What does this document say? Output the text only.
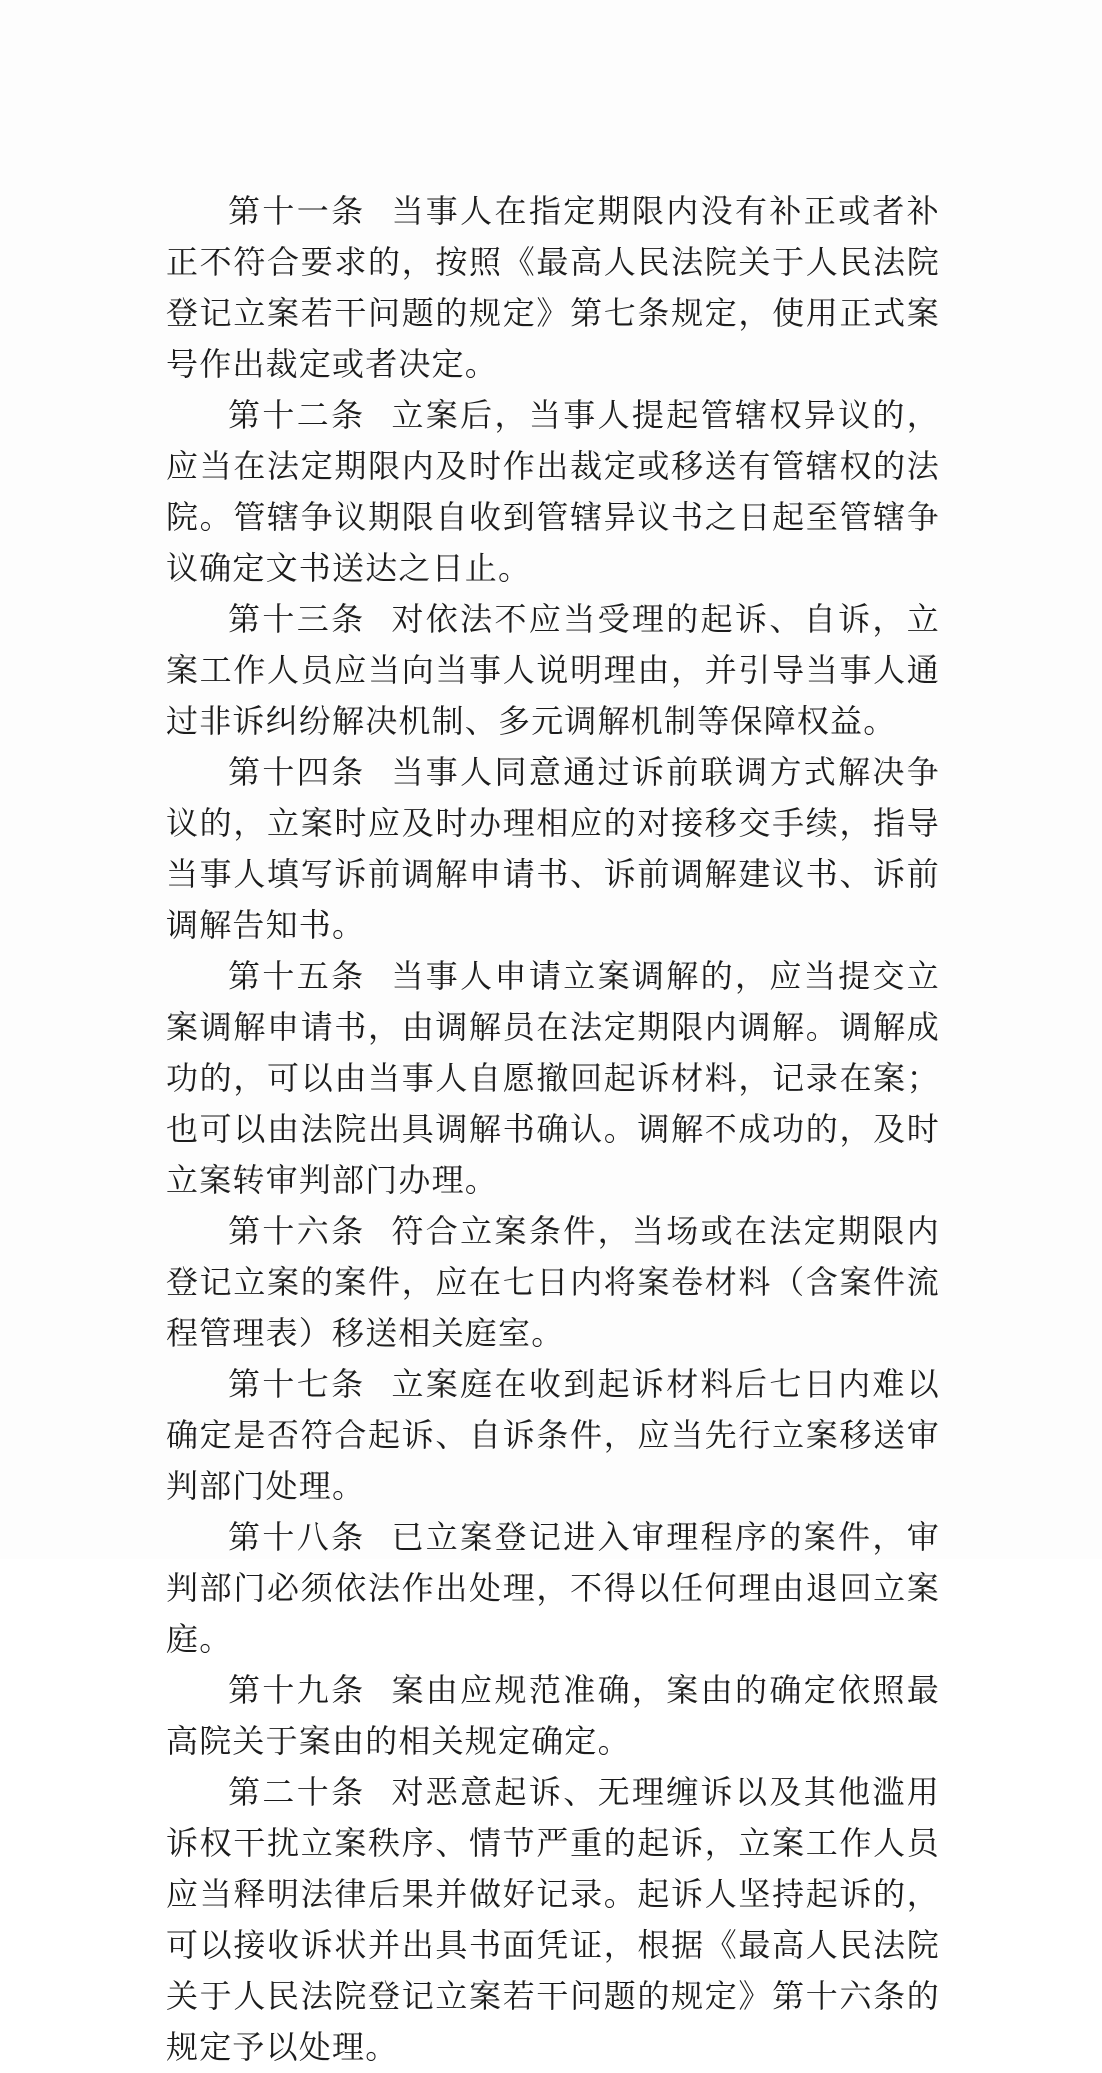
第十一条 当事人在指定期限内没有补正或者补正不符合要求的，按照《最高人民法院关于人民法院登记立案若干问题的规定》第七条规定，使用正式案号作出裁定或者决定。

第十二条 立案后，当事人提起管辖权异议的，应当在法定期限内及时作出裁定或移送有管辖权的法院。管辖争议期限自收到管辖异议书之日起至管辖争议确定文书送达之日止。

第十三条 对依法不应当受理的起诉、自诉，立案工作人员应当向当事人说明理由，并引导当事人通过非诉纠纷解决机制、多元调解机制等保障权益。

第十四条 当事人同意通过诉前联调方式解决争议的，立案时应及时办理相应的对接移交手续，指导当事人填写诉前调解申请书、诉前调解建议书、诉前调解告知书。

第十五条 当事人申请立案调解的，应当提交立案调解申请书，由调解员在法定期限内调解。调解成功的，可以由当事人自愿撤回起诉材料，记录在案；也可以由法院出具调解书确认。调解不成功的，及时立案转审判部门办理。

第十六条 符合立案条件，当场或在法定期限内登记立案的案件，应在七日内将案卷材料（含案件流程管理表）移送相关庭室。

第十七条 立案庭在收到起诉材料后七日内难以确定是否符合起诉、自诉条件，应当先行立案移送审判部门处理。

第十八条 已立案登记进入审理程序的案件，审判部门必须依法作出处理，不得以任何理由退回立案庭。

第十九条 案由应规范准确，案由的确定依照最高院关于案由的相关规定确定。

第二十条 对恶意起诉、无理缠诉以及其他滥用诉权干扰立案秩序、情节严重的起诉，立案工作人员应当释明法律后果并做好记录。起诉人坚持起诉的，可以接收诉状并出具书面凭证，根据《最高人民法院关于人民法院登记立案若干问题的规定》第十六条的规定予以处理。
